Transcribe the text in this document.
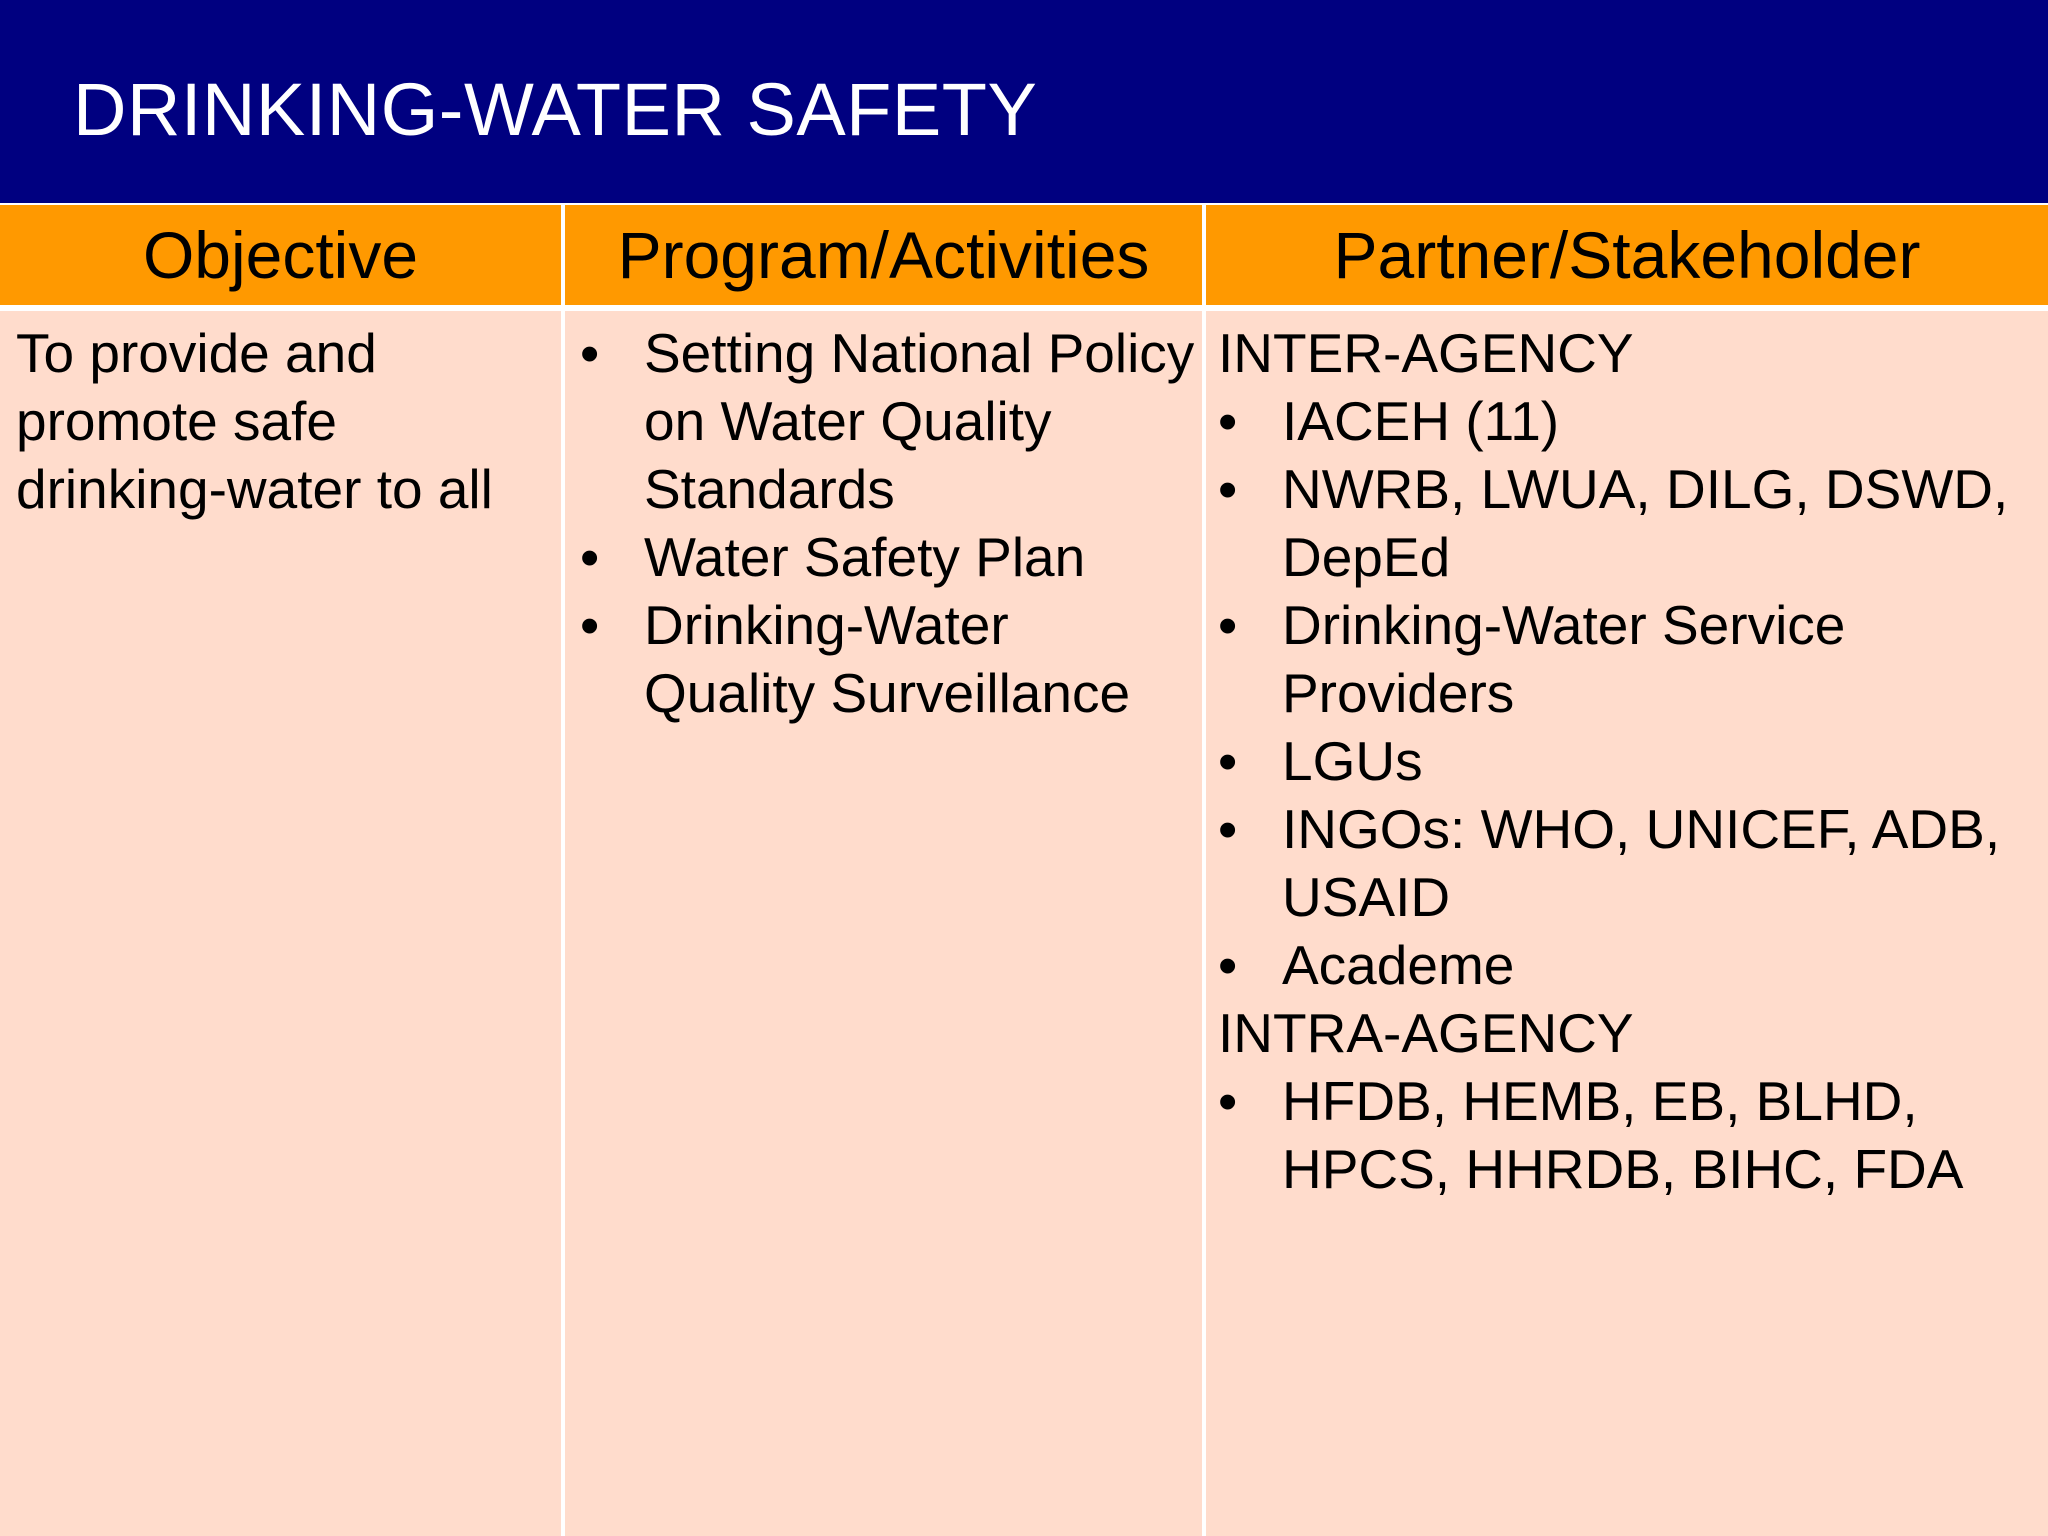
DRINKING-WATER SAFETY
Objective	Program/Activities	Partner/Stakeholder
To provide and promote safe drinking-water to all
• Setting National Policy on Water Quality Standards
• Water Safety Plan
• Drinking-Water Quality Surveillance
INTER-AGENCY
• IACEH (11)
• NWRB, LWUA, DILG, DSWD, DepEd
• Drinking-Water Service Providers
• LGUs
• INGOs: WHO, UNICEF, ADB, USAID
• Academe
INTRA-AGENCY
• HFDB, HEMB, EB, BLHD, HPCS, HHRDB, BIHC, FDA
